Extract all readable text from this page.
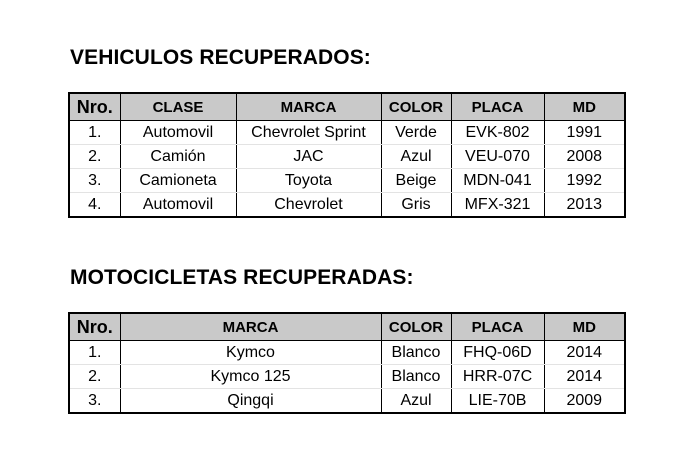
VEHICULOS RECUPERADOS:
Nro.	CLASE	MARCA	COLOR	PLACA	MD
1.	Automovil	Chevrolet Sprint	Verde	EVK-802	1991
2.	Camión	JAC	Azul	VEU-070	2008
3.	Camioneta	Toyota	Beige	MDN-041	1992
4.	Automovil	Chevrolet	Gris	MFX-321	2013
MOTOCICLETAS RECUPERADAS:
Nro.	MARCA	COLOR	PLACA	MD
1.	Kymco	Blanco	FHQ-06D	2014
2.	Kymco 125	Blanco	HRR-07C	2014
3.	Qingqi	Azul	LIE-70B	2009
